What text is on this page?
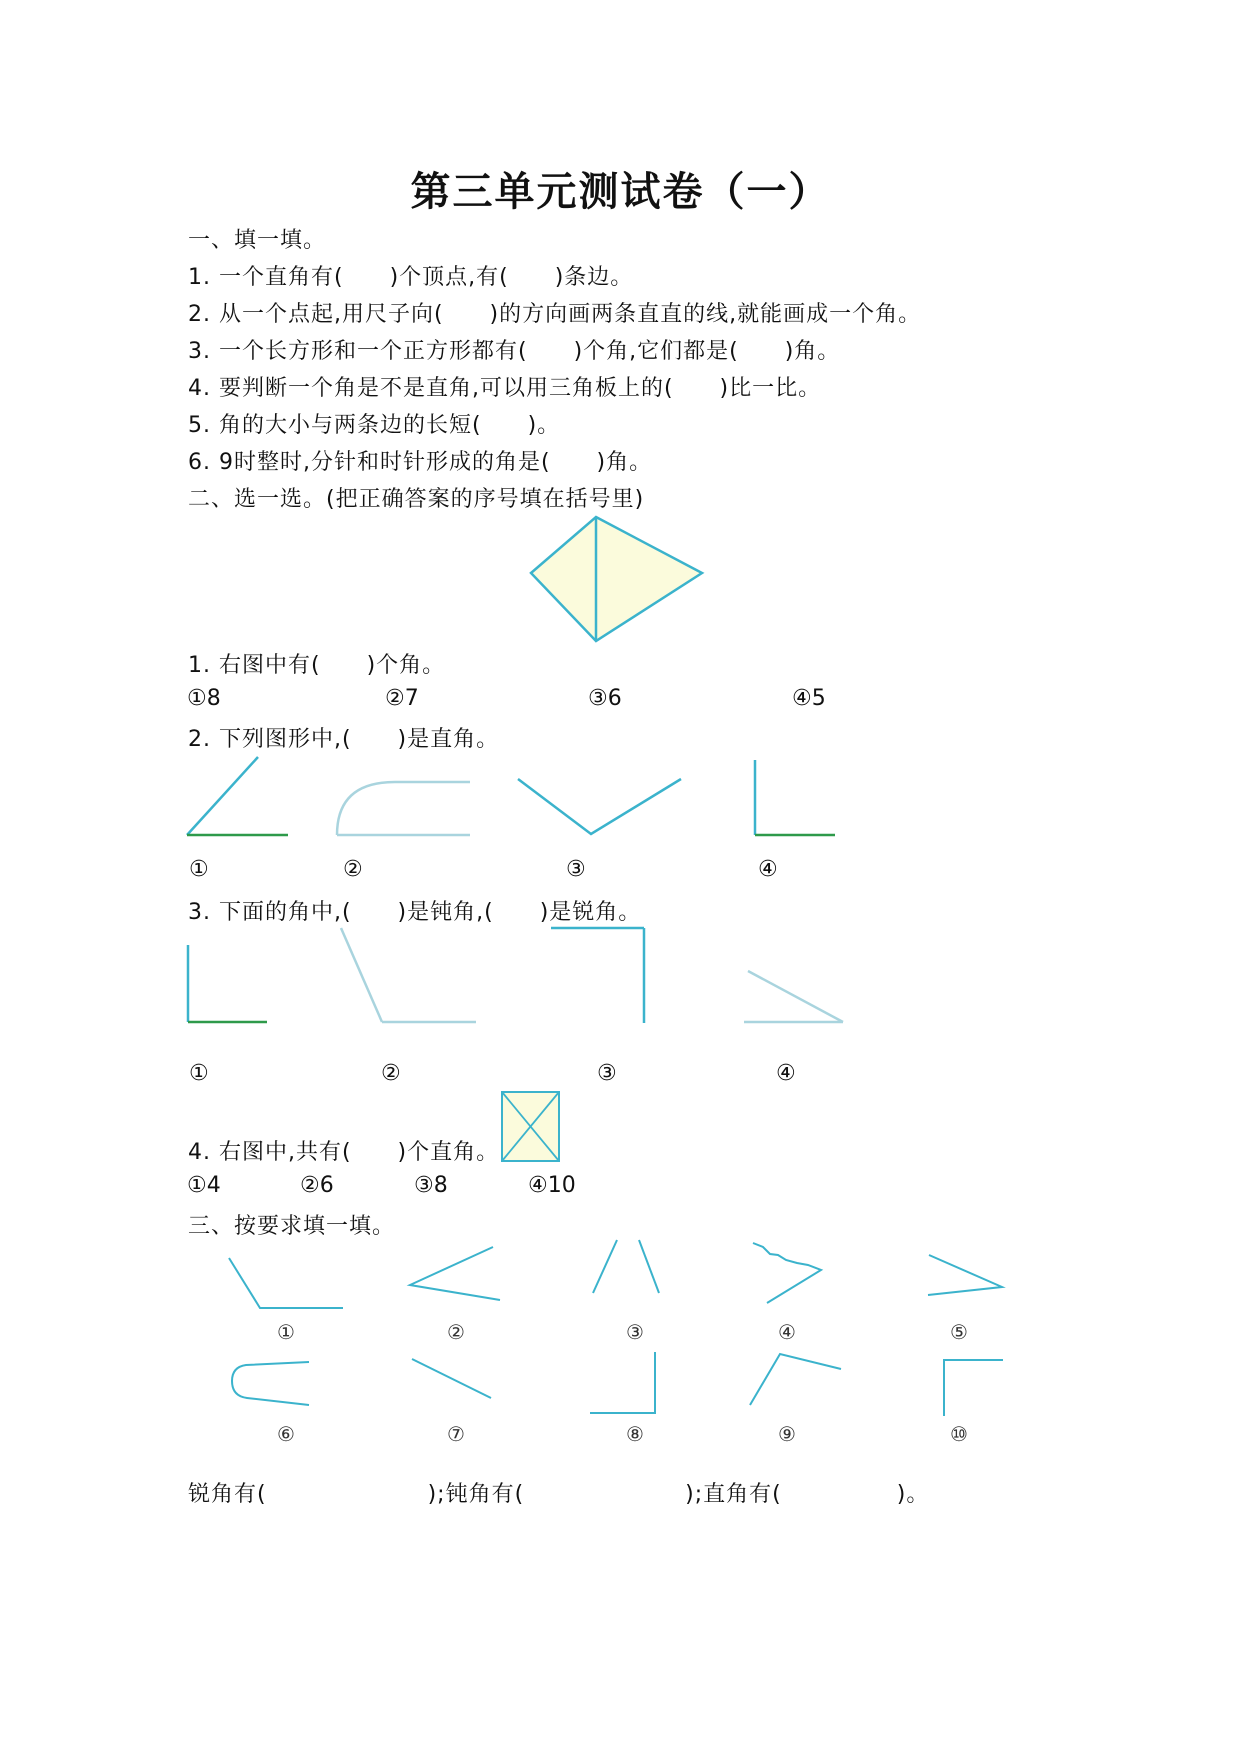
第三单元测试卷（一）
一、填一填。
1. 一个直角有(　　)个顶点,有(　　)条边。
2. 从一个点起,用尺子向(　　)的方向画两条直直的线,就能画成一个角。
3. 一个长方形和一个正方形都有(　　)个角,它们都是(　　)角。
4. 要判断一个角是不是直角,可以用三角板上的(　　)比一比。
5. 角的大小与两条边的长短(　　)。
6. 9时整时,分针和时针形成的角是(　　)角。
二、选一选。(把正确答案的序号填在括号里)
1. 右图中有(　　)个角。
①8	②7	③6	④5
2. 下列图形中,(　　)是直角。
①	②	③	④
3. 下面的角中,(　　)是钝角,(　　)是锐角。
①	②	③	④
4. 右图中,共有(　　)个直角。
①4	②6	③8	④10
三、按要求填一填。
①	②	③	④	⑤
⑥	⑦	⑧	⑨	⑩
锐角有(　　　　　　　);钝角有(　　　　　　　);直角有(　　　　　)。
